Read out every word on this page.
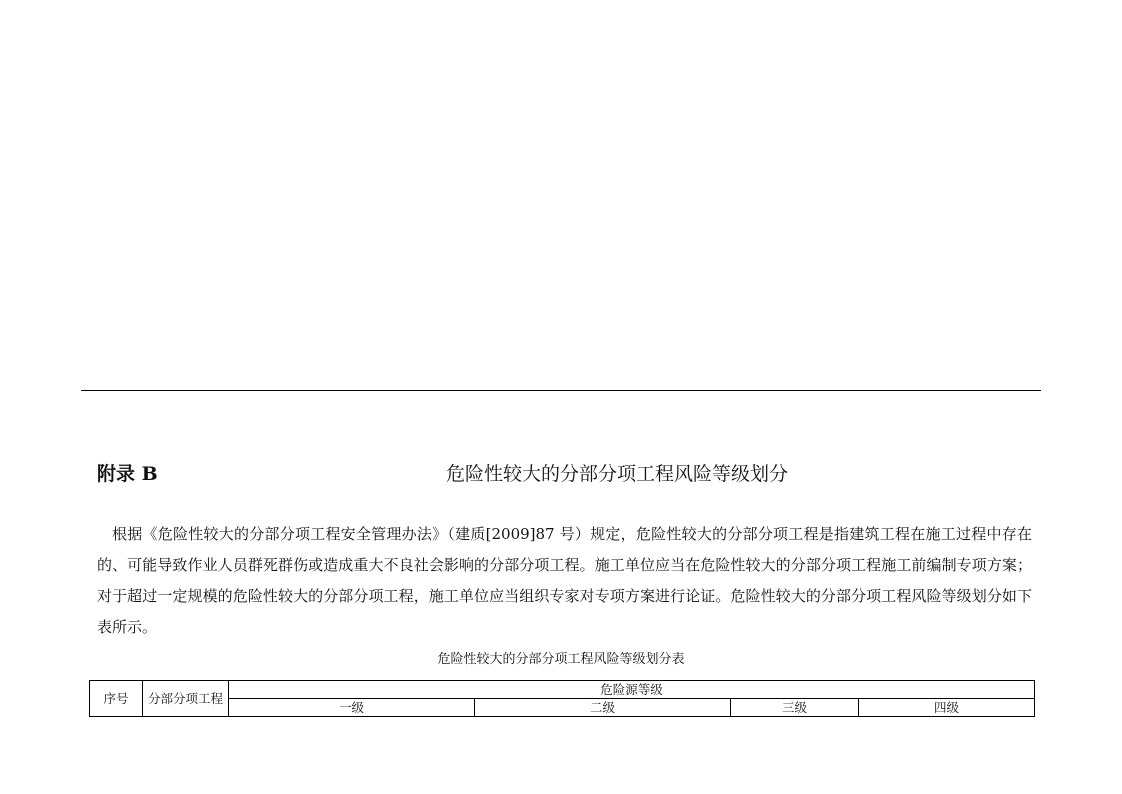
附录 B	危险性较大的分部分项工程风险等级划分

根据《危险性较大的分部分项工程安全管理办法》（建质[2009]87 号）规定，危险性较大的分部分项工程是指建筑工程在施工过程中存在的、可能导致作业人员群死群伤或造成重大不良社会影响的分部分项工程。施工单位应当在危险性较大的分部分项工程施工前编制专项方案；对于超过一定规模的危险性较大的分部分项工程，施工单位应当组织专家对专项方案进行论证。危险性较大的分部分项工程风险等级划分如下表所示。

危险性较大的分部分项工程风险等级划分表
序号	分部分项工程	危险源等级			
		一级	二级	三级	四级
